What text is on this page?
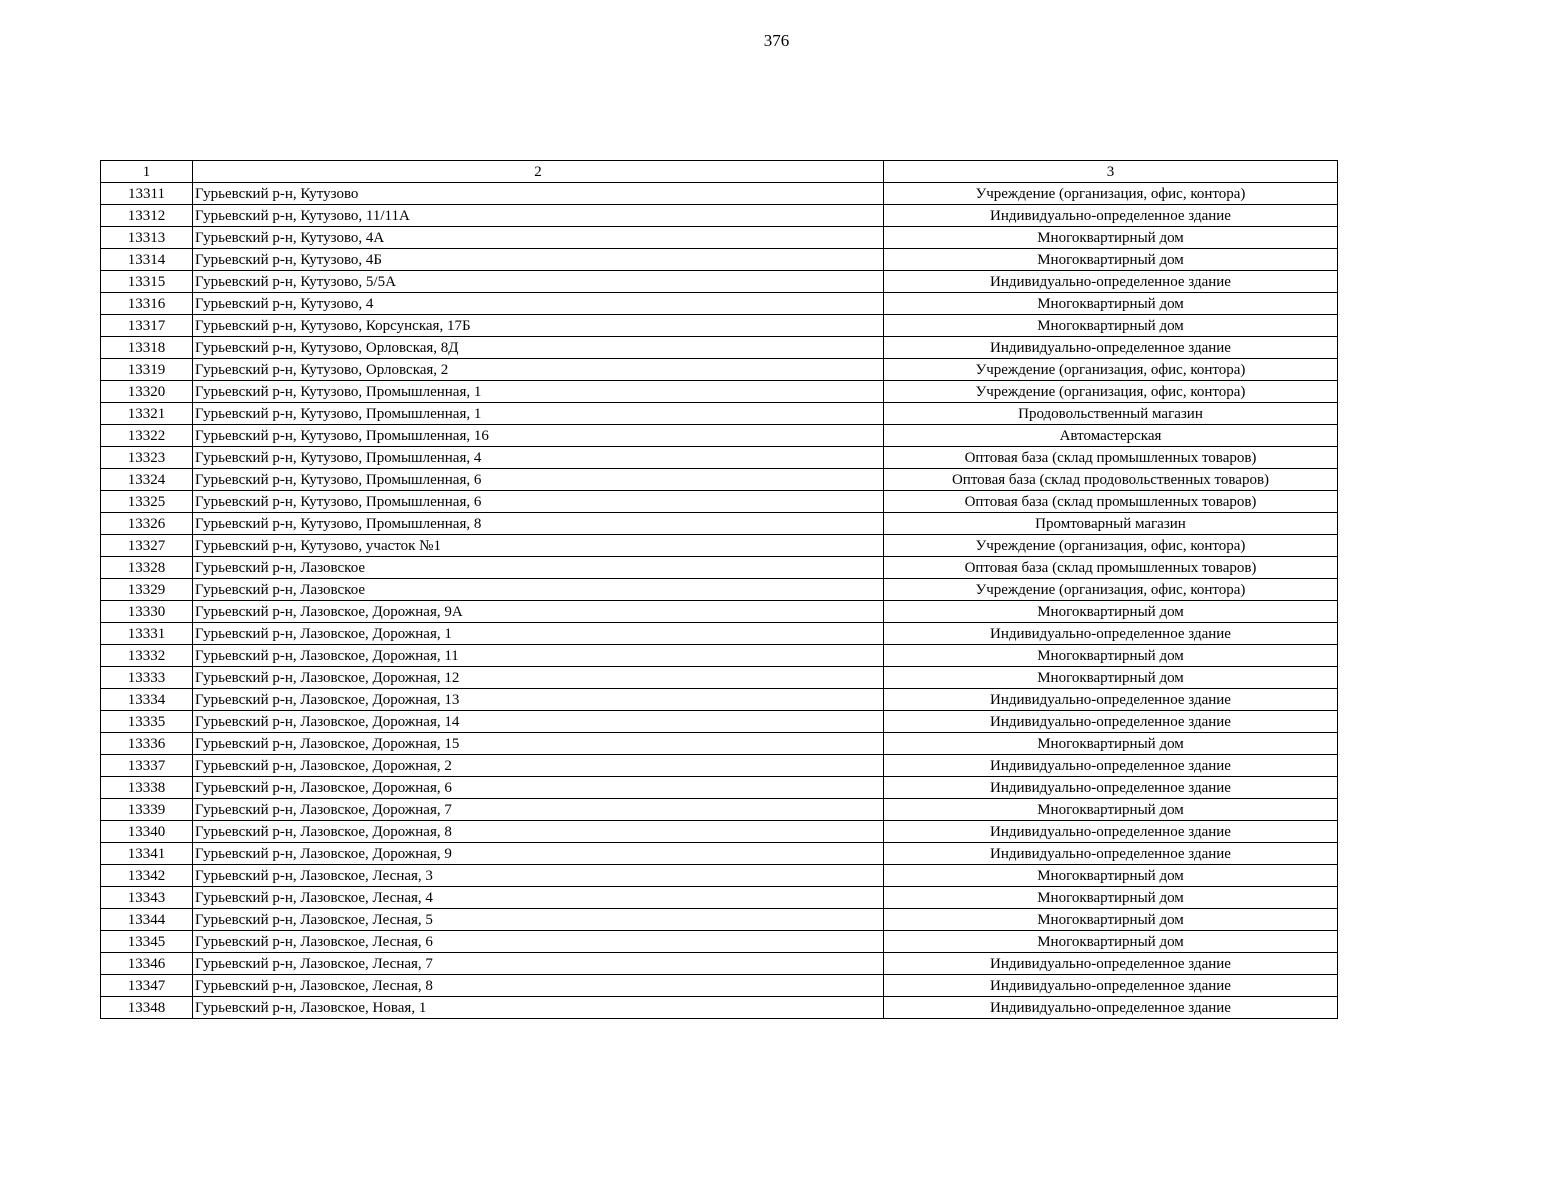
376
1	2	3
13311	Гурьевский р-н, Кутузово	Учреждение (организация, офис, контора)
13312	Гурьевский р-н, Кутузово, 11/11А	Индивидуально-определенное здание
13313	Гурьевский р-н, Кутузово, 4А	Многоквартирный дом
13314	Гурьевский р-н, Кутузово, 4Б	Многоквартирный дом
13315	Гурьевский р-н, Кутузово, 5/5А	Индивидуально-определенное здание
13316	Гурьевский р-н, Кутузово, 4	Многоквартирный дом
13317	Гурьевский р-н, Кутузово, Корсунская, 17Б	Многоквартирный дом
13318	Гурьевский р-н, Кутузово, Орловская, 8Д	Индивидуально-определенное здание
13319	Гурьевский р-н, Кутузово, Орловская, 2	Учреждение (организация, офис, контора)
13320	Гурьевский р-н, Кутузово, Промышленная, 1	Учреждение (организация, офис, контора)
13321	Гурьевский р-н, Кутузово, Промышленная, 1	Продовольственный магазин
13322	Гурьевский р-н, Кутузово, Промышленная, 16	Автомастерская
13323	Гурьевский р-н, Кутузово, Промышленная, 4	Оптовая база (склад промышленных товаров)
13324	Гурьевский р-н, Кутузово, Промышленная, 6	Оптовая база (склад продовольственных товаров)
13325	Гурьевский р-н, Кутузово, Промышленная, 6	Оптовая база (склад промышленных товаров)
13326	Гурьевский р-н, Кутузово, Промышленная, 8	Промтоварный магазин
13327	Гурьевский р-н, Кутузово, участок №1	Учреждение (организация, офис, контора)
13328	Гурьевский р-н, Лазовское	Оптовая база (склад промышленных товаров)
13329	Гурьевский р-н, Лазовское	Учреждение (организация, офис, контора)
13330	Гурьевский р-н, Лазовское, Дорожная, 9А	Многоквартирный дом
13331	Гурьевский р-н, Лазовское, Дорожная, 1	Индивидуально-определенное здание
13332	Гурьевский р-н, Лазовское, Дорожная, 11	Многоквартирный дом
13333	Гурьевский р-н, Лазовское, Дорожная, 12	Многоквартирный дом
13334	Гурьевский р-н, Лазовское, Дорожная, 13	Индивидуально-определенное здание
13335	Гурьевский р-н, Лазовское, Дорожная, 14	Индивидуально-определенное здание
13336	Гурьевский р-н, Лазовское, Дорожная, 15	Многоквартирный дом
13337	Гурьевский р-н, Лазовское, Дорожная, 2	Индивидуально-определенное здание
13338	Гурьевский р-н, Лазовское, Дорожная, 6	Индивидуально-определенное здание
13339	Гурьевский р-н, Лазовское, Дорожная, 7	Многоквартирный дом
13340	Гурьевский р-н, Лазовское, Дорожная, 8	Индивидуально-определенное здание
13341	Гурьевский р-н, Лазовское, Дорожная, 9	Индивидуально-определенное здание
13342	Гурьевский р-н, Лазовское, Лесная, 3	Многоквартирный дом
13343	Гурьевский р-н, Лазовское, Лесная, 4	Многоквартирный дом
13344	Гурьевский р-н, Лазовское, Лесная, 5	Многоквартирный дом
13345	Гурьевский р-н, Лазовское, Лесная, 6	Многоквартирный дом
13346	Гурьевский р-н, Лазовское, Лесная, 7	Индивидуально-определенное здание
13347	Гурьевский р-н, Лазовское, Лесная, 8	Индивидуально-определенное здание
13348	Гурьевский р-н, Лазовское, Новая, 1	Индивидуально-определенное здание
